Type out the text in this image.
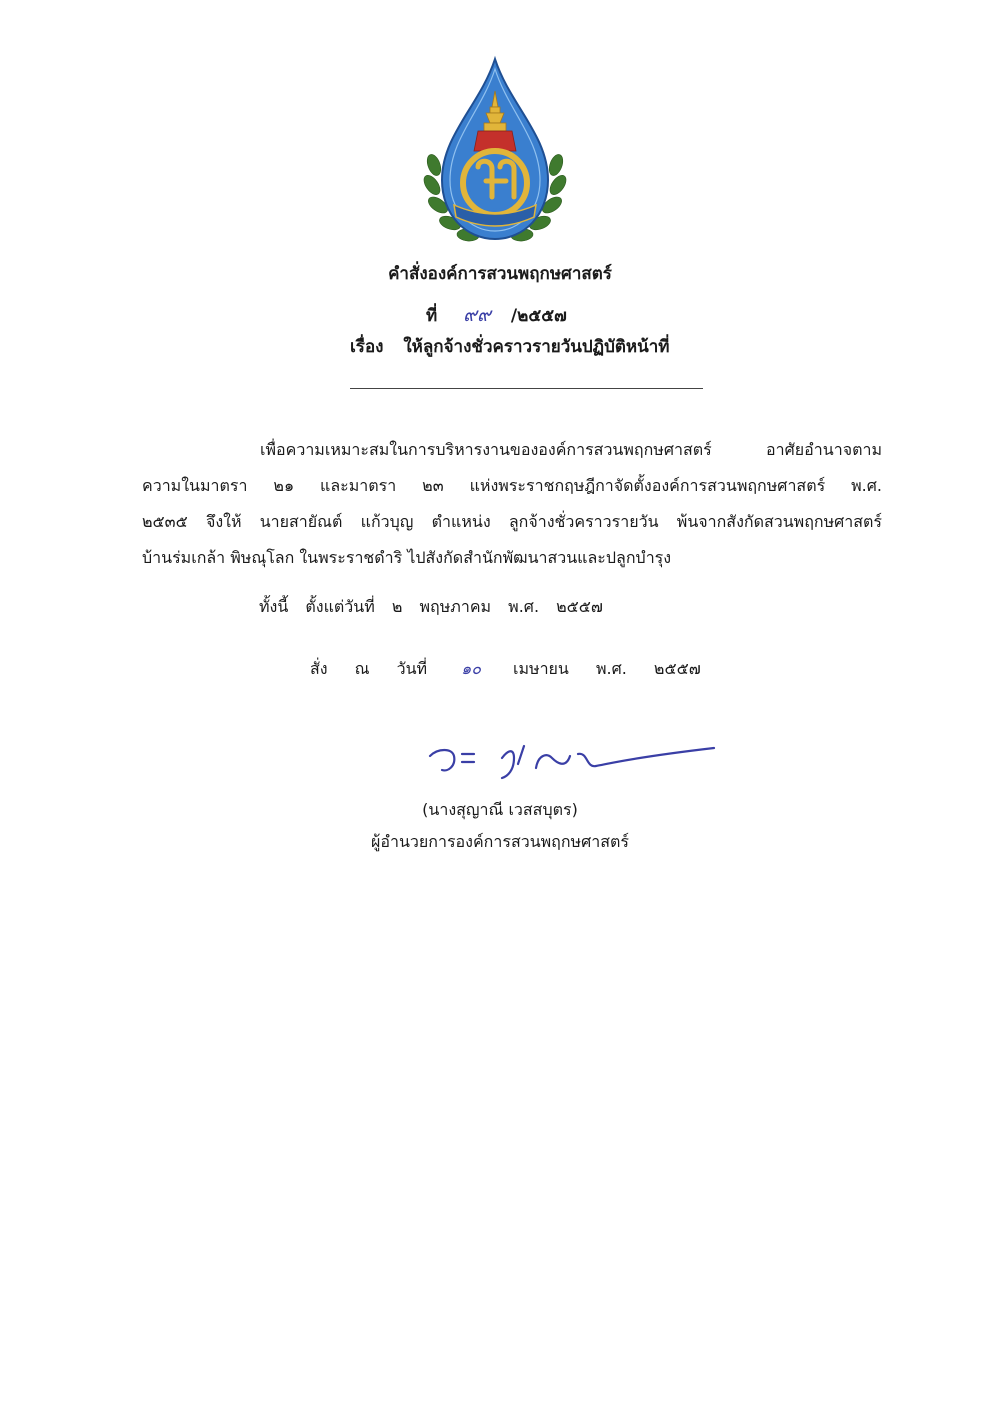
คำสั่งองค์การสวนพฤกษศาสตร์
ที่ ๙๙ /๒๕๕๗
เรื่อง ให้ลูกจ้างชั่วคราวรายวันปฏิบัติหน้าที่
เพื่อความเหมาะสมในการบริหารงานขององค์การสวนพฤกษศาสตร์ อาศัยอำนาจตาม
ความในมาตรา ๒๑ และมาตรา ๒๓ แห่งพระราชกฤษฎีกาจัดตั้งองค์การสวนพฤกษศาสตร์ พ.ศ.
๒๕๓๕ จึงให้ นายสายัณต์ แก้วบุญ ตำแหน่ง ลูกจ้างชั่วคราวรายวัน พ้นจากสังกัดสวนพฤกษศาสตร์
บ้านร่มเกล้า พิษณุโลก ในพระราชดำริ ไปสังกัดสำนักพัฒนาสวนและปลูกบำรุง
ทั้งนี้ ตั้งแต่วันที่ ๒ พฤษภาคม พ.ศ. ๒๕๕๗
สั่ง ณ วันที่ ๑๐ เมษายน พ.ศ. ๒๕๕๗
(นางสุญาณี เวสสบุตร)
ผู้อำนวยการองค์การสวนพฤกษศาสตร์
